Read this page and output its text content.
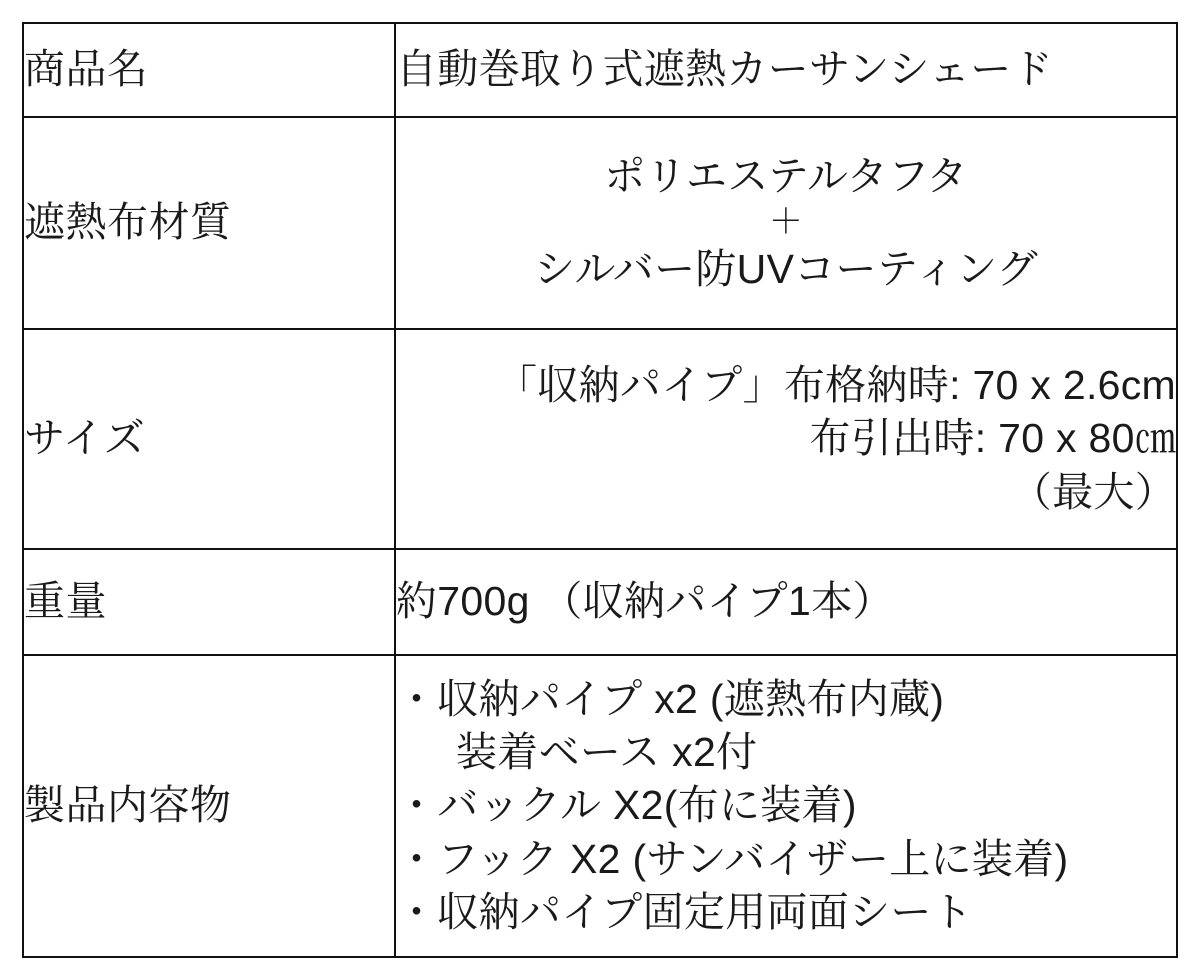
商品名	自動巻取り式遮熱カーサンシェード

遮熱布材質	ポリエステルタフタ
＋
シルバー防UVコーティング

サイズ	「収納パイプ」布格納時: 70 x 2.6cm
布引出時: 70 x 80㎝
（最大）

重量	約700g （収納パイプ1本）

製品内容物	・収納パイプ x2 (遮熱布内蔵)
装着ベース x2付
・バックル X2(布に装着)
・フック X2 (サンバイザー上に装着)
・収納パイプ固定用両面シート
